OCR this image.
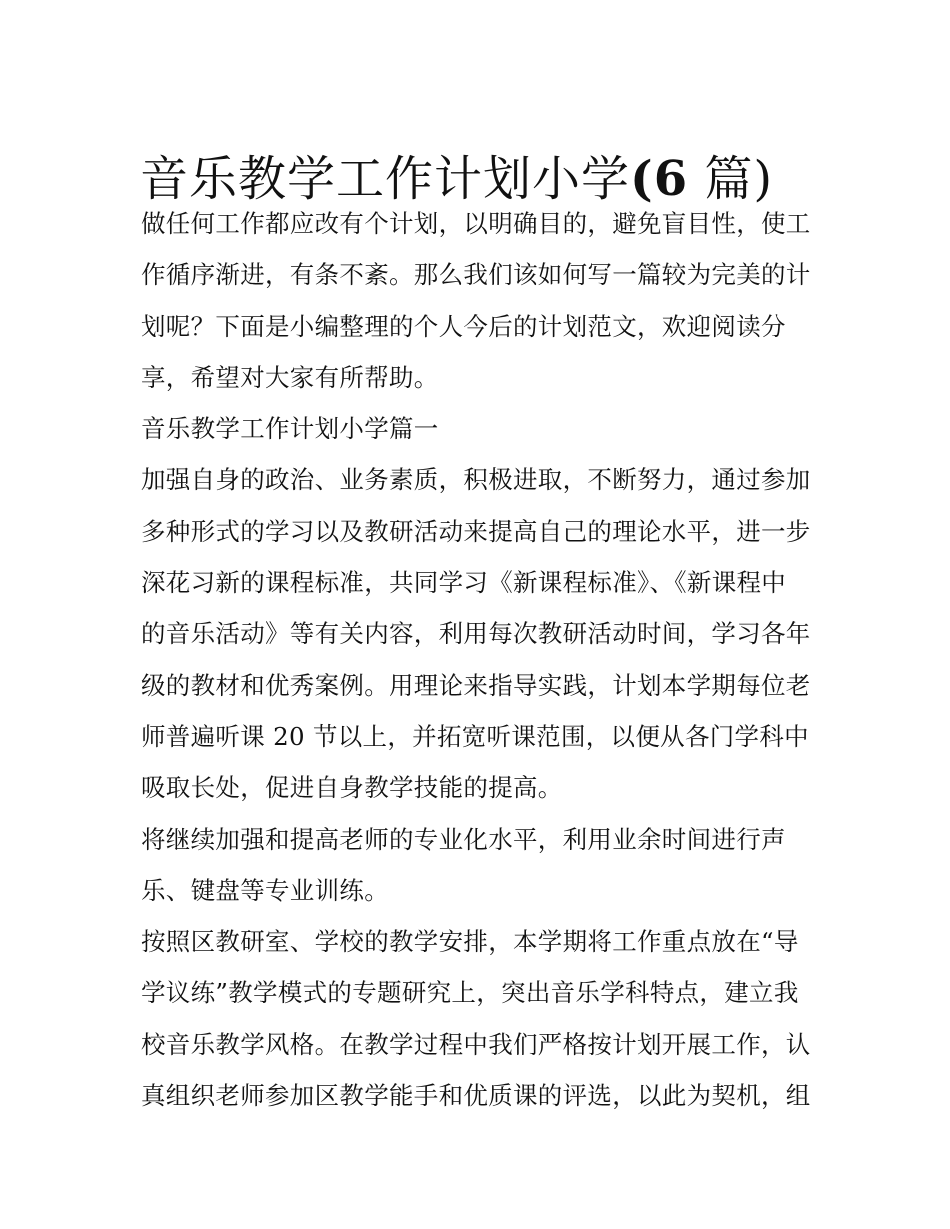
音乐教学工作计划小学(6 篇)
做任何工作都应改有个计划，以明确目的，避免盲目性，使工
作循序渐进，有条不紊。那么我们该如何写一篇较为完美的计
划呢？下面是小编整理的个人今后的计划范文，欢迎阅读分
享，希望对大家有所帮助。
音乐教学工作计划小学篇一
加强自身的政治、业务素质，积极进取，不断努力，通过参加
多种形式的学习以及教研活动来提高自己的理论水平，进一步
深花习新的课程标准，共同学习《新课程标准》、《新课程中
的音乐活动》等有关内容，利用每次教研活动时间，学习各年
级的教材和优秀案例。用理论来指导实践，计划本学期每位老
师普遍听课 20 节以上，并拓宽听课范围，以便从各门学科中
吸取长处，促进自身教学技能的提高。
将继续加强和提高老师的专业化水平，利用业余时间进行声
乐、键盘等专业训练。
按照区教研室、学校的教学安排，本学期将工作重点放在“导
学议练”教学模式的专题研究上，突出音乐学科特点，建立我
校音乐教学风格。在教学过程中我们严格按计划开展工作，认
真组织老师参加区教学能手和优质课的评选，以此为契机，组
